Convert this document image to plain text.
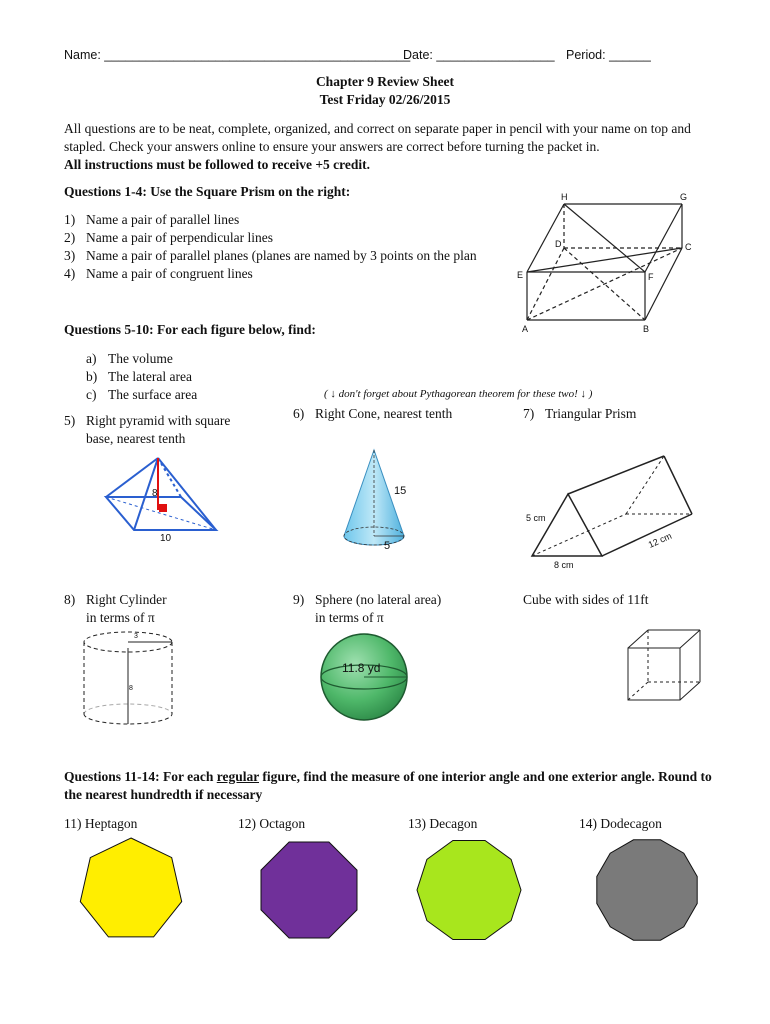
Name: ____________________________________________
Date: _________________ Period: ______
Chapter 9 Review Sheet
Test Friday 02/26/2015
All questions are to be neat, complete, organized, and correct on separate paper in pencil with your name on top and stapled. Check your answers online to ensure your answers are correct before turning the packet in.
All instructions must be followed to receive +5 credit.
Questions 1-4: Use the Square Prism on the right:
1) Name a pair of parallel lines
2) Name a pair of perpendicular lines
3) Name a pair of parallel planes (planes are named by 3 points on the plan
4) Name a pair of congruent lines
H	G
D	C
E	F
A	B
Questions 5-10: For each figure below, find:
a) The volume
b) The lateral area
c) The surface area	( ↓ don't forget about Pythagorean theorem for these two! ↓ )
5) Right pyramid with square
base, nearest tenth
8
10
6) Right Cone, nearest tenth
15
5
7) Triangular Prism
5 cm
8 cm
12 cm
8) Right Cylinder
in terms of π
3
8
9) Sphere (no lateral area)
in terms of π
11.8 yd
Cube with sides of 11ft
Questions 11-14: For each regular figure, find the measure of one interior angle and one exterior angle. Round to the nearest hundredth if necessary
11) Heptagon	12) Octagon	13) Decagon	14) Dodecagon
